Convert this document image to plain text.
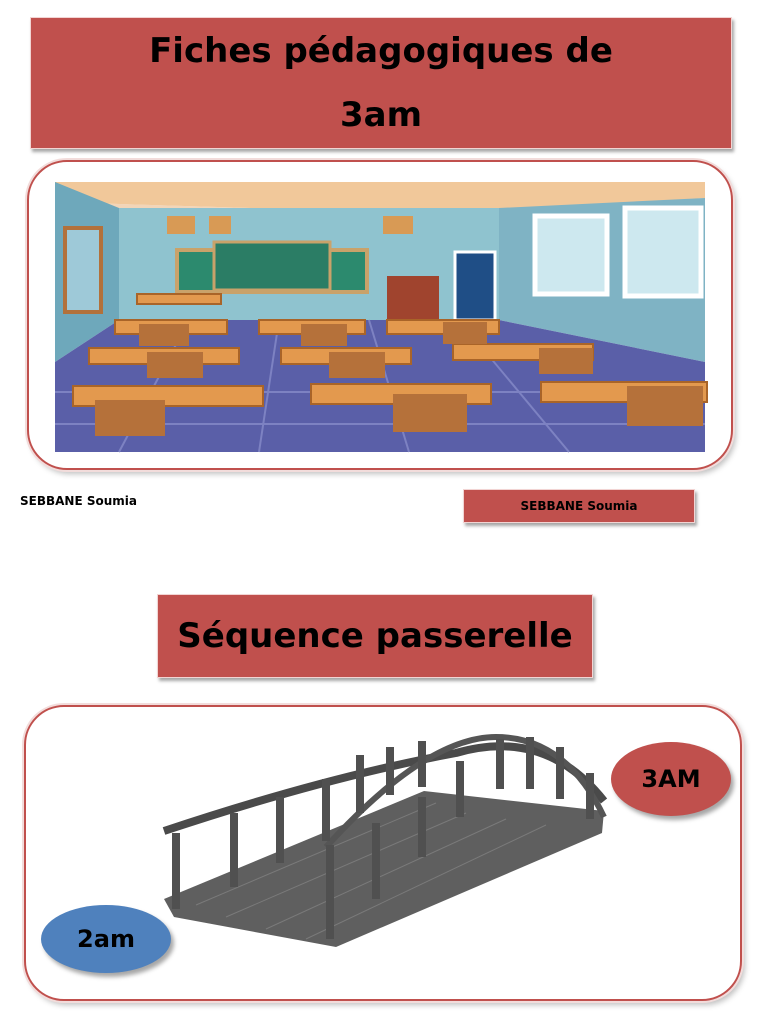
Fiches pédagogiques de
3am
SEBBANE Soumia	SEBBANE Soumia
Séquence passerelle
3AM
2am
